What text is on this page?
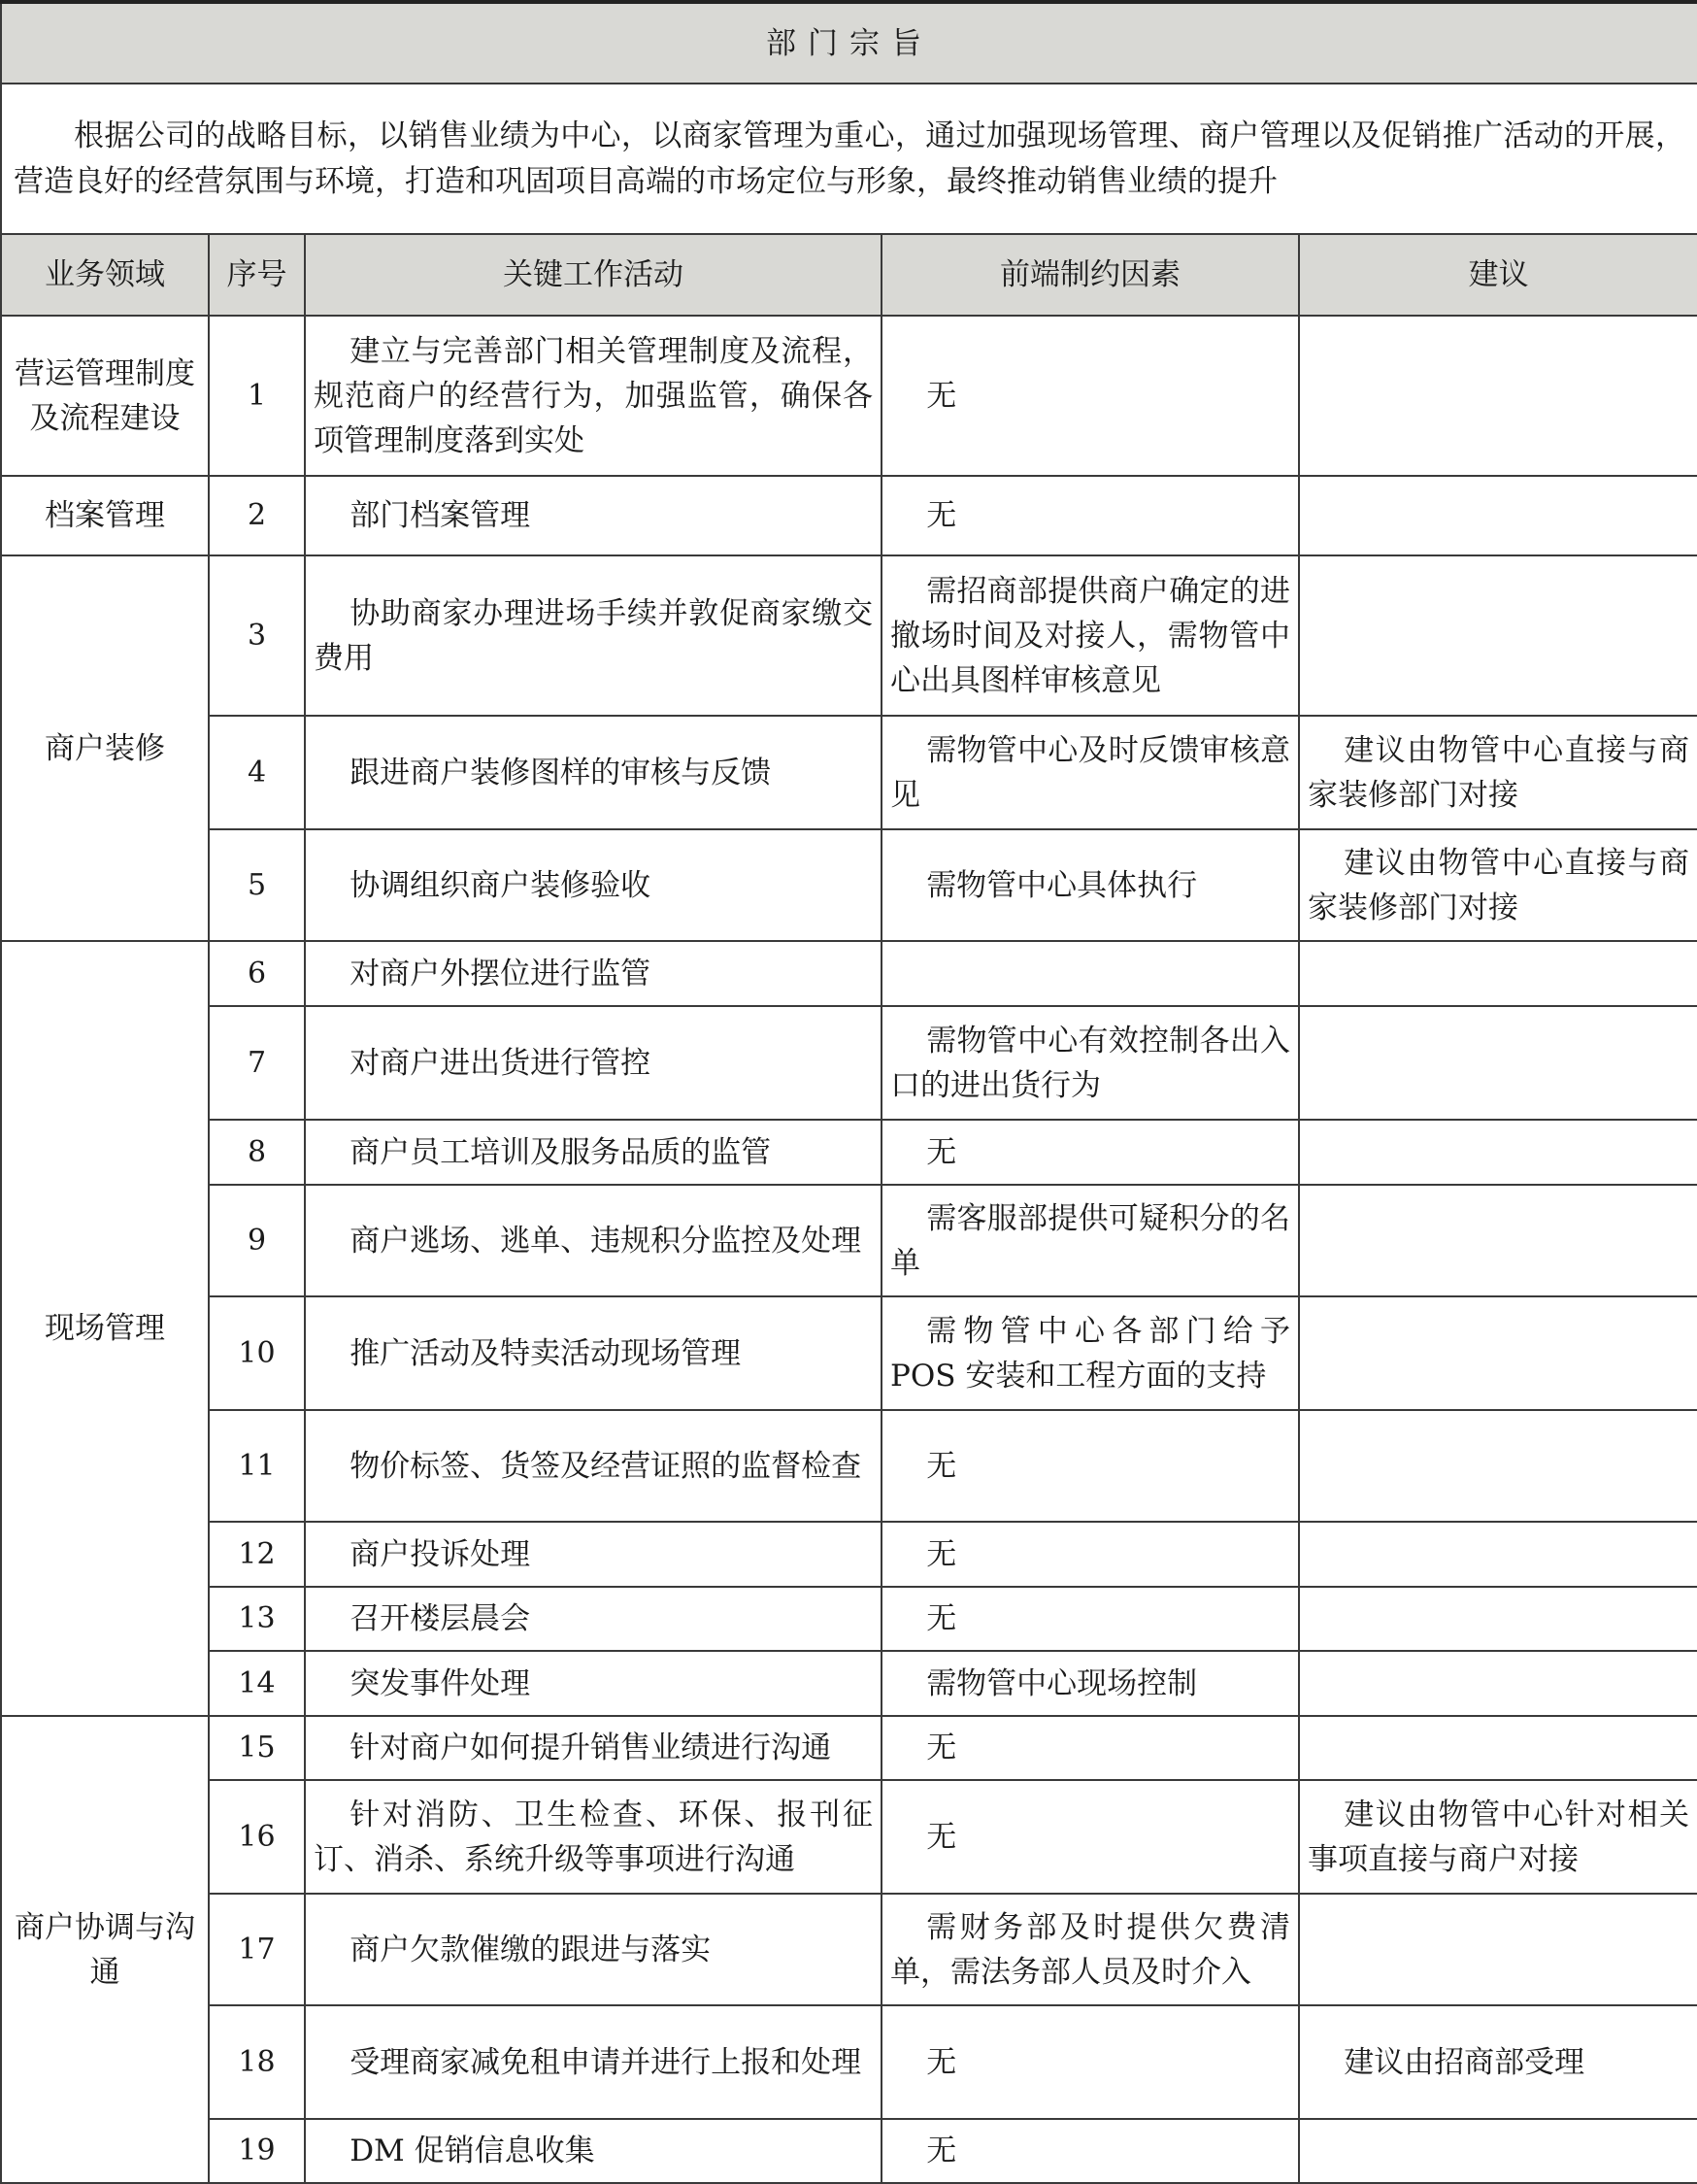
部门宗旨				
根据公司的战略目标，以销售业绩为中心，以商家管理为重心，通过加强现场管理、商户管理以及促销推广活动的开展，营造良好的经营氛围与环境，打造和巩固项目高端的市场定位与形象，最终推动销售业绩的提升				
业务领域	序号	关键工作活动	前端制约因素	建议
营运管理制度及流程建设	1	建立与完善部门相关管理制度及流程，规范商户的经营行为，加强监管，确保各项管理制度落到实处	无	
档案管理	2	部门档案管理	无	
商户装修	3	协助商家办理进场手续并敦促商家缴交费用	需招商部提供商户确定的进撤场时间及对接人，需物管中心出具图样审核意见	
	4	跟进商户装修图样的审核与反馈	需物管中心及时反馈审核意见	建议由物管中心直接与商家装修部门对接
	5	协调组织商户装修验收	需物管中心具体执行	建议由物管中心直接与商家装修部门对接
现场管理	6	对商户外摆位进行监管		
	7	对商户进出货进行管控	需物管中心有效控制各出入口的进出货行为	
	8	商户员工培训及服务品质的监管	无	
	9	商户逃场、逃单、违规积分监控及处理	需客服部提供可疑积分的名单	
	10	推广活动及特卖活动现场管理	需物管中心各部门给予POS 安装和工程方面的支持	
	11	物价标签、货签及经营证照的监督检查	无	
	12	商户投诉处理	无	
	13	召开楼层晨会	无	
	14	突发事件处理	需物管中心现场控制	
商户协调与沟通	15	针对商户如何提升销售业绩进行沟通	无	
	16	针对消防、卫生检查、环保、报刊征订、消杀、系统升级等事项进行沟通	无	建议由物管中心针对相关事项直接与商户对接
	17	商户欠款催缴的跟进与落实	需财务部及时提供欠费清单，需法务部人员及时介入	
	18	受理商家减免租申请并进行上报和处理	无	建议由招商部受理
	19	DM 促销信息收集	无	
